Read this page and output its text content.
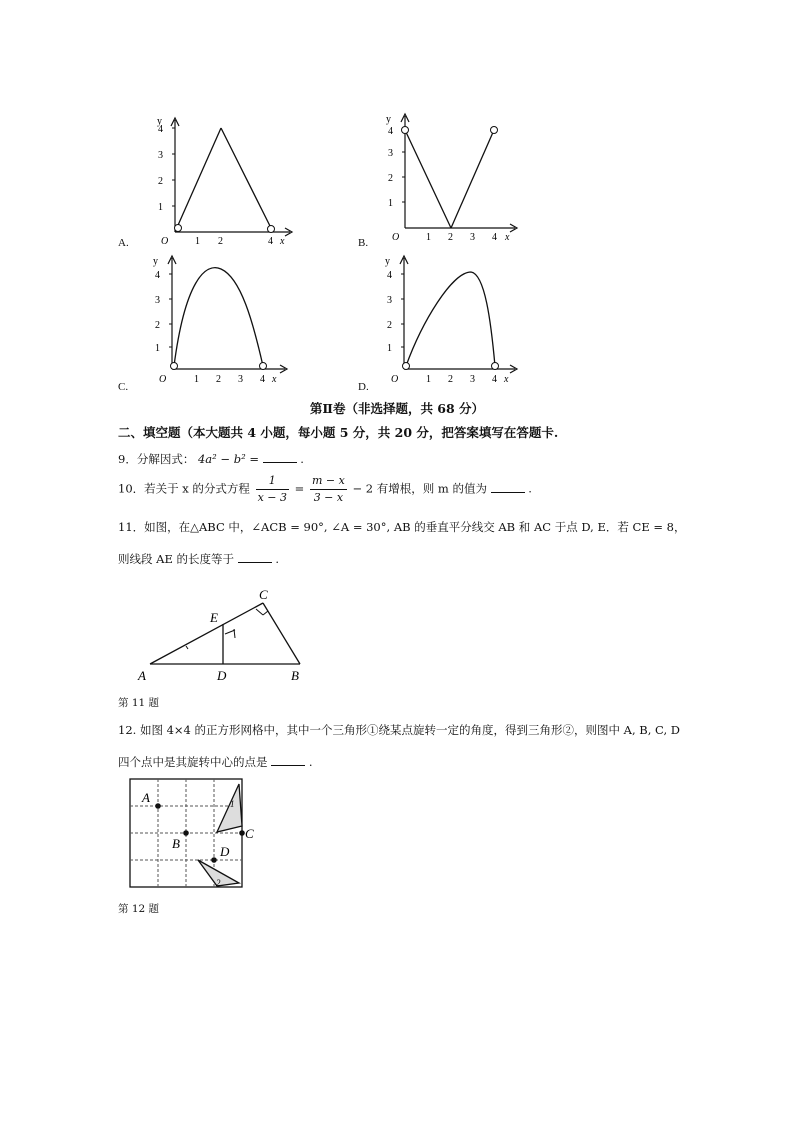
y
1
2
3
4
O	1 2	4 x
A.
y
1
2
3
4
O	1 2 3 4 x
B.
y
1
2
3
4
O	1 2 3 4 x
C.
y
1
2
3
4
O	1 2 3 4 x
D.
第Ⅱ卷（非选择题，共 68 分）
二、填空题（本大题共 4 小题，每小题 5 分，共 20 分，把答案填写在答题卡.
9．分解因式： 4a² − b² =	.
10．若关于 x 的分式方程 $\frac{1}{x - 3} = \frac{m - x}{3 - x} - 2$ 有增根，则 m 的值为	.
11．如图，在△ABC 中，∠ACB = 90°, ∠A = 30°, AB 的垂直平分线交 AB 和 AC 于点 D, E．若 CE = 8，
则线段 AE 的长度等于	.
A	B
C
D
E
第 11 题
12. 如图 4×4 的正方形网格中，其中一个三角形①绕某点旋转一定的角度，得到三角形②，则图中 A, B, C, D
四个点中是其旋转中心的点是	.
A
B
C
D
1
2
第 12 题
